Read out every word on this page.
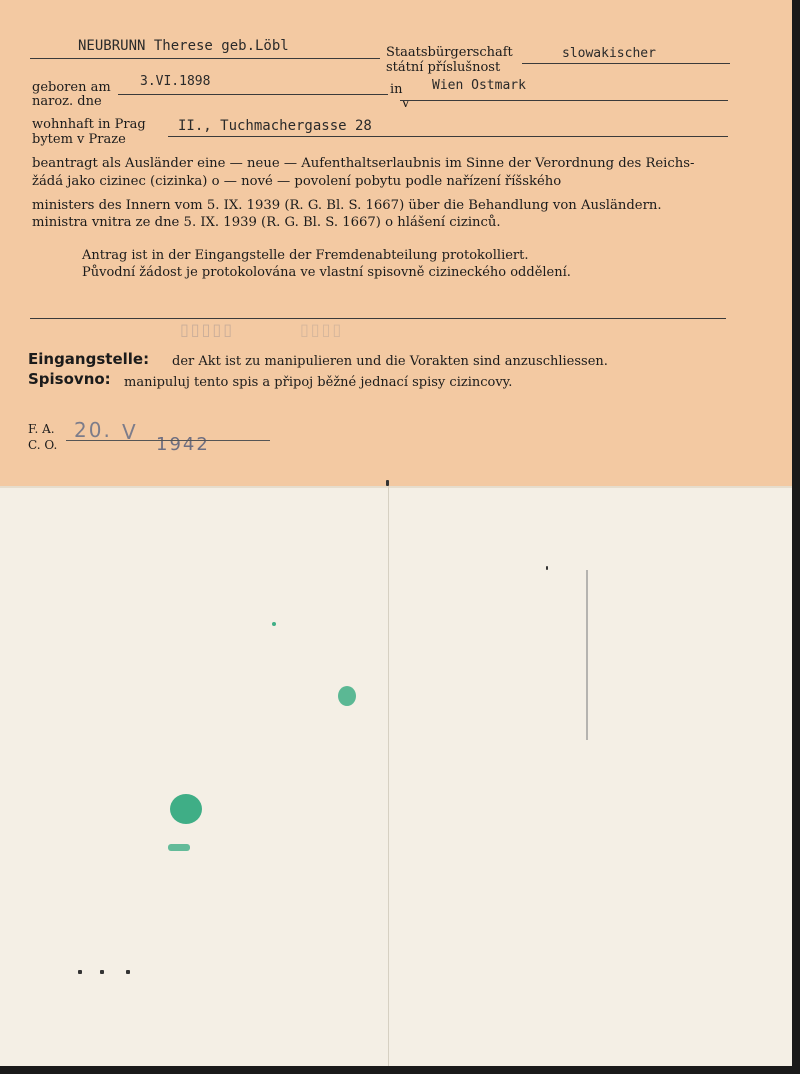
NEUBRUNN Therese geb.Löbl	Staatsbürgerschaft
státní příslušnost
slowakischer
geboren am
naroz. dne
3.VI.1898
in
v
Wien Ostmark
wohnhaft in Prag
bytem v Praze
II., Tuchmachergasse 28
beantragt als Ausländer eine — neue — Aufenthaltserlaubnis im Sinne der Verordnung des Reichs-
žádá jako cizinec (cizinka) o — nové — povolení pobytu podle nařízení říšského
ministers des Innern vom 5. IX. 1939 (R. G. Bl. S. 1667) über die Behandlung von Ausländern.
ministra vnitra ze dne 5. IX. 1939 (R. G. Bl. S. 1667) o hlášení cizinců.
Antrag ist in der Eingangstelle der Fremdenabteilung protokolliert.
Původní žádost je protokolována ve vlastní spisovně cizineckého oddělení.
▯▯▯▯▯	▯▯▯▯
Eingangstelle: der Akt ist zu manipulieren und die Vorakten sind anzuschliessen.
Spisovno: manipuluj tento spis a připoj běžné jednací spisy cizincovy.
F. A.
C. O.
20. V
1942
